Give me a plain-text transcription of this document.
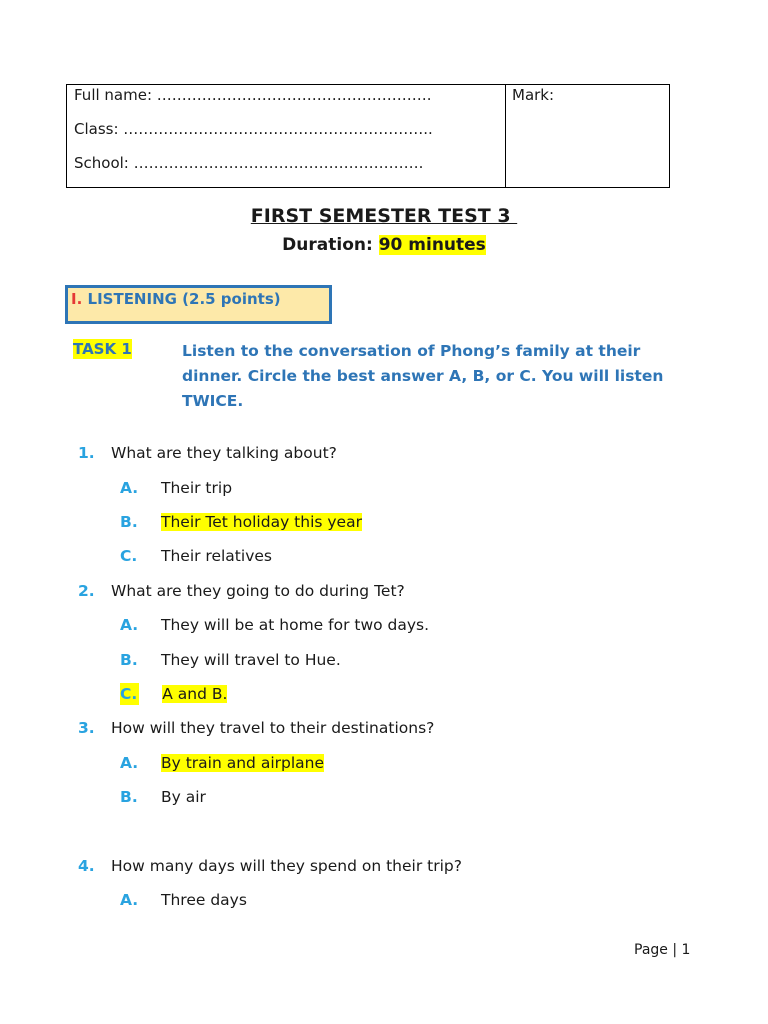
Full name: ……………………………………………….
Class: ……………………………………………………..
School: ………………………………………………….
Mark:
FIRST SEMESTER TEST 3
Duration: 90 minutes
I. LISTENING (2.5 points)
TASK 1	Listen to the conversation of Phong’s family at their dinner. Circle the best answer A, B, or C. You will listen TWICE.
1. What are they talking about?
A. Their trip
B. Their Tet holiday this year
C. Their relatives
2. What are they going to do during Tet?
A. They will be at home for two days.
B. They will travel to Hue.
C. A and B.
3. How will they travel to their destinations?
A. By train and airplane
B. By air
4. How many days will they spend on their trip?
A. Three days
Page | 1
